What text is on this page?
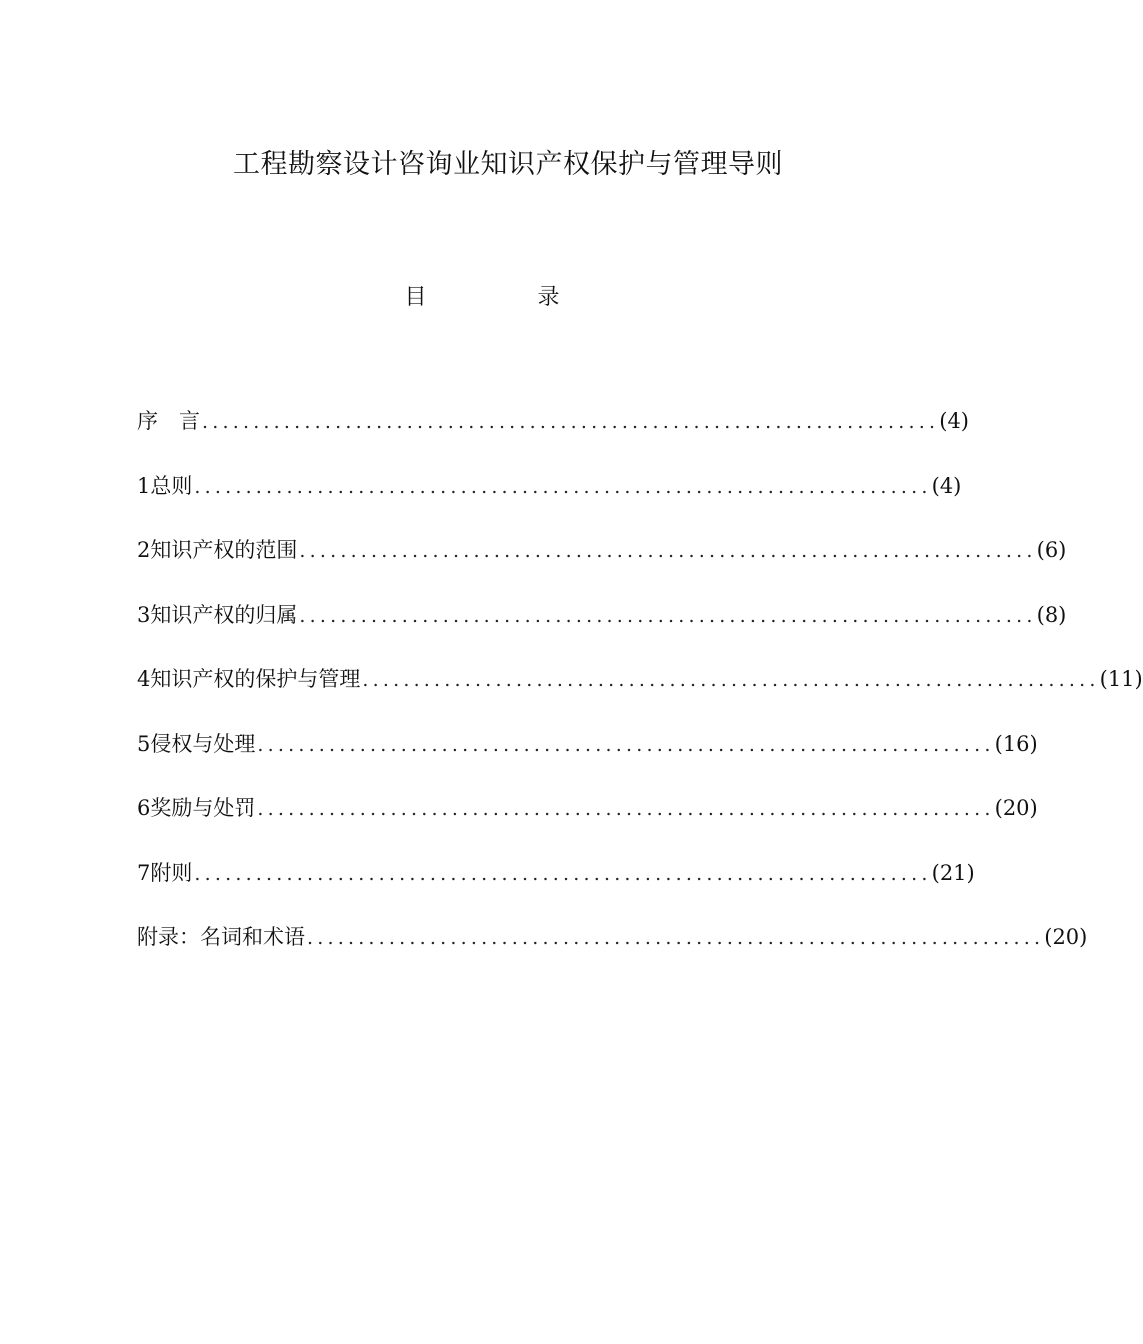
工程勘察设计咨询业知识产权保护与管理导则
目 录
序　言 ........................................................................ (4)
1 总则 ........................................................................ (4)
2 知识产权的范围 ........................................................................ (6)
3 知识产权的归属 ........................................................................ (8)
4 知识产权的保护与管理 ........................................................................ (11)
5 侵权与处理 ........................................................................ (16)
6 奖励与处罚 ........................................................................ (20)
7 附则 ........................................................................ (21)
附录：名词和术语 ........................................................................ (20)
